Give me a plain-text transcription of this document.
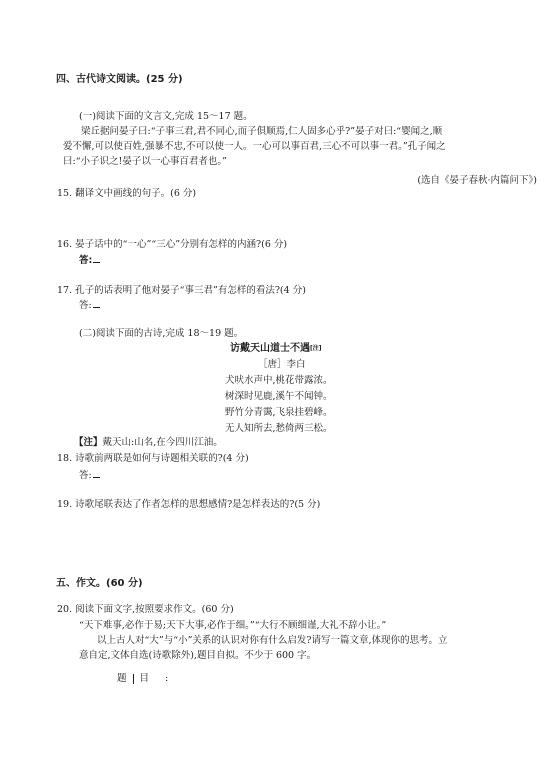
四、古代诗文阅读。(25 分)
(一)阅读下面的文言文,完成 15～17 题。
梁丘据问晏子曰:“子事三君,君不同心,而子俱顺焉,仁人固多心乎?”晏子对曰:“婴闻之,顺
爱不懈,可以使百姓,强暴不忠,不可以使一人。一心可以事百君,三心不可以事一君。”孔子闻之
曰:“小子识之!晏子以一心事百君者也。”
(选自《晏子春秋·内篇问下》)
15. 翻译文中画线的句子。(6 分)
16. 晏子话中的“一心”“三心”分别有怎样的内涵?(6 分)
答:
17. 孔子的话表明了他对晏子“事三君”有怎样的看法?(4 分)
答:
(二)阅读下面的古诗,完成 18～19 题。
访戴天山道士不遇[注]
［唐］李白
犬吠水声中,桃花带露浓。
树深时见鹿,溪午不闻钟。
野竹分青霭,飞泉挂碧峰。
无人知所去,愁倚两三松。
【注】戴天山:山名,在今四川江油。
18. 诗歌前两联是如何与诗题相关联的?(4 分)
答:
19. 诗歌尾联表达了作者怎样的思想感情?是怎样表达的?(5 分)
五、作文。(60 分)
20. 阅读下面文字,按照要求作文。(60 分)
“天下难事,必作于易;天下大事,必作于细。”“大行不顾细谨,大礼不辞小让。”
以上古人对“大”与“小”关系的认识对你有什么启发?请写一篇文章,体现你的思考。立
意自定,文体自选(诗歌除外),题目自拟。不少于 600 字。
题 目 :
